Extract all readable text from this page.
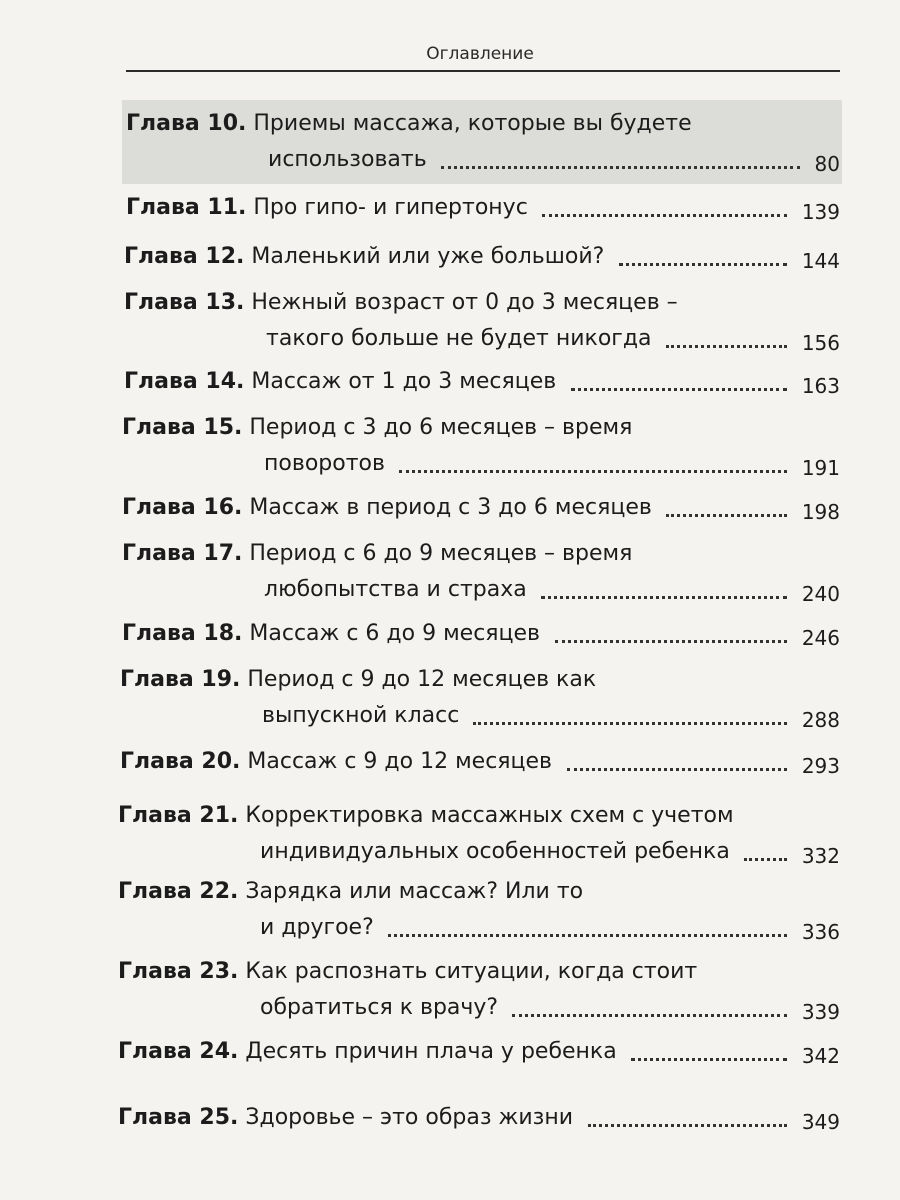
Оглавление
Глава 10. Приемы массажа, которые вы будете
использовать	80
Глава 11. Про гипо- и гипертонус	139
Глава 12. Маленький или уже большой?	144
Глава 13. Нежный возраст от 0 до 3 месяцев –
такого больше не будет никогда	156
Глава 14. Массаж от 1 до 3 месяцев	163
Глава 15. Период с 3 до 6 месяцев – время
поворотов	191
Глава 16. Массаж в период с 3 до 6 месяцев	198
Глава 17. Период с 6 до 9 месяцев – время
любопытства и страха	240
Глава 18. Массаж с 6 до 9 месяцев	246
Глава 19. Период с 9 до 12 месяцев как
выпускной класс	288
Глава 20. Массаж с 9 до 12 месяцев	293
Глава 21. Корректировка массажных схем с учетом
индивидуальных особенностей ребенка	332
Глава 22. Зарядка или массаж? Или то
и другое?	336
Глава 23. Как распознать ситуации, когда стоит
обратиться к врачу?	339
Глава 24. Десять причин плача у ребенка	342
Глава 25. Здоровье – это образ жизни	349
